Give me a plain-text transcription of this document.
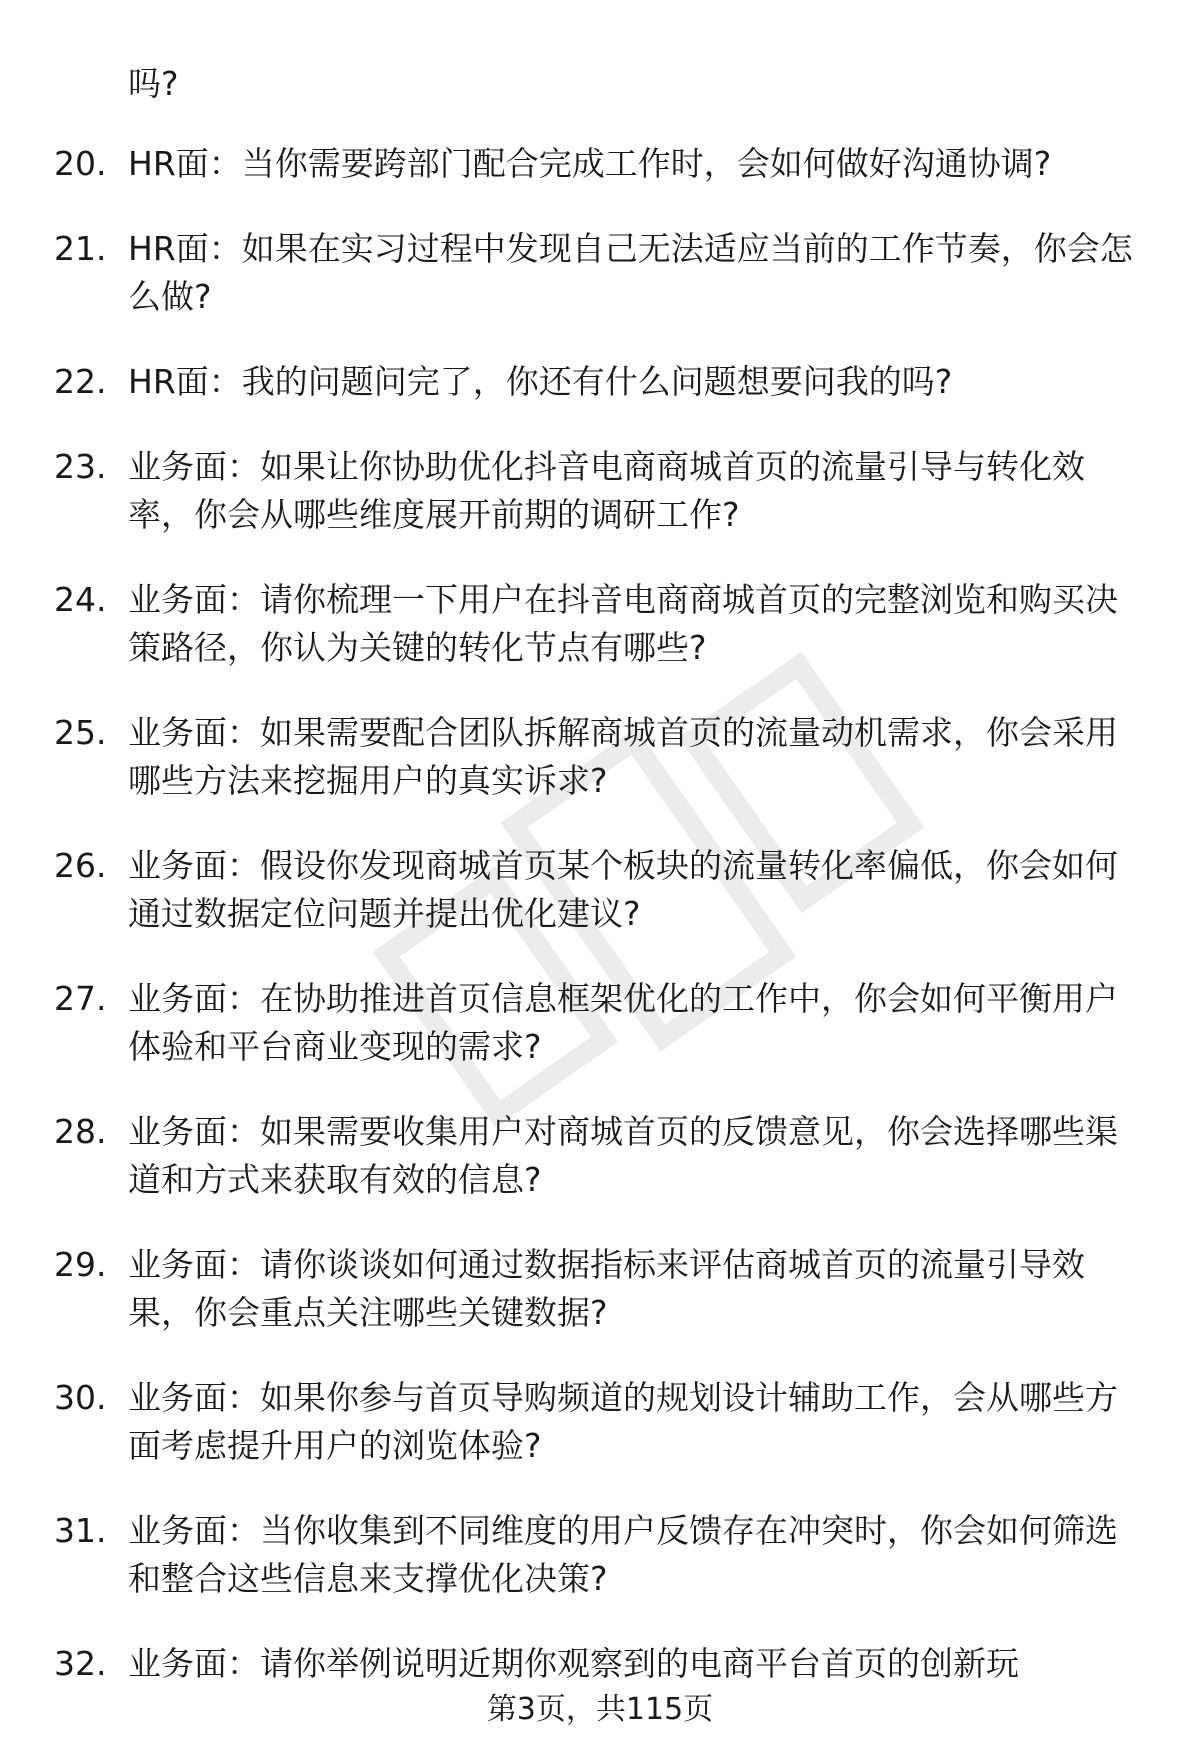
吗?
20. HR面：当你需要跨部门配合完成工作时，会如何做好沟通协调?
21. HR面：如果在实习过程中发现自己无法适应当前的工作节奏，你会怎么做?
22. HR面：我的问题问完了，你还有什么问题想要问我的吗?
23. 业务面：如果让你协助优化抖音电商商城首页的流量引导与转化效率，你会从哪些维度展开前期的调研工作?
24. 业务面：请你梳理一下用户在抖音电商商城首页的完整浏览和购买决策路径，你认为关键的转化节点有哪些?
25. 业务面：如果需要配合团队拆解商城首页的流量动机需求，你会采用哪些方法来挖掘用户的真实诉求?
26. 业务面：假设你发现商城首页某个板块的流量转化率偏低，你会如何通过数据定位问题并提出优化建议?
27. 业务面：在协助推进首页信息框架优化的工作中，你会如何平衡用户体验和平台商业变现的需求?
28. 业务面：如果需要收集用户对商城首页的反馈意见，你会选择哪些渠道和方式来获取有效的信息?
29. 业务面：请你谈谈如何通过数据指标来评估商城首页的流量引导效果，你会重点关注哪些关键数据?
30. 业务面：如果你参与首页导购频道的规划设计辅助工作，会从哪些方面考虑提升用户的浏览体验?
31. 业务面：当你收集到不同维度的用户反馈存在冲突时，你会如何筛选和整合这些信息来支撑优化决策?
32. 业务面：请你举例说明近期你观察到的电商平台首页的创新玩
第3页，共115页
